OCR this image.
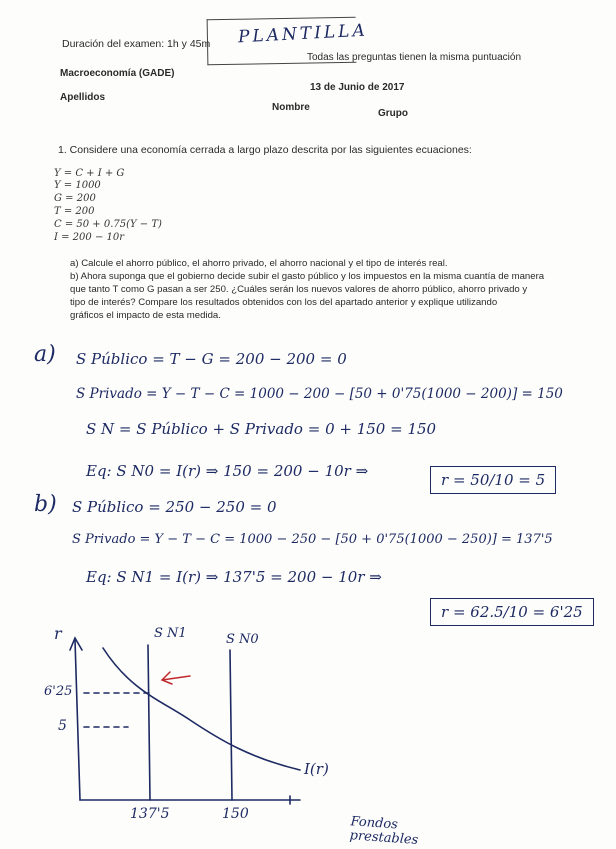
Duración del examen: 1h y 45m PLANTILLA
Todas las preguntas tienen la misma puntuación
Macroeconomía (GADE)
13 de Junio de 2017
Apellidos
Nombre
Grupo
1. Considere una economía cerrada a largo plazo descrita por las siguientes ecuaciones:
Y = C + I + G
Y = 1000
G = 200
T = 200
C = 50 + 0.75(Y − T)
I = 200 − 10r
a) Calcule el ahorro público, el ahorro privado, el ahorro nacional y el tipo de interés real.
b) Ahora suponga que el gobierno decide subir el gasto público y los impuestos en la misma cuantía de manera
que tanto T como G pasan a ser 250. ¿Cuáles serán los nuevos valores de ahorro público, ahorro privado y
tipo de interés? Compare los resultados obtenidos con los del apartado anterior y explique utilizando
gráficos el impacto de esta medida.
a) S Público = T − G = 200 − 200 = 0
S Privado = Y − T − C = 1000 − 200 − [50 + 0'75(1000 − 200)] = 150
S N = S Público + S Privado = 0 + 150 = 150
Eq: S N0 = I(r) ⇒ 150 = 200 − 10r ⇒	r = 50/10 = 5
b) S Público = 250 − 250 = 0
S Privado = Y − T − C = 1000 − 250 − [50 + 0'75(1000 − 250)] = 137'5
Eq: S N1 = I(r) ⇒ 137'5 = 200 − 10r ⇒
r = 62.5/10 = 6'25
r	S N1	S N0
I(r)
6'25
5
137'5	150
Fondos prestables
